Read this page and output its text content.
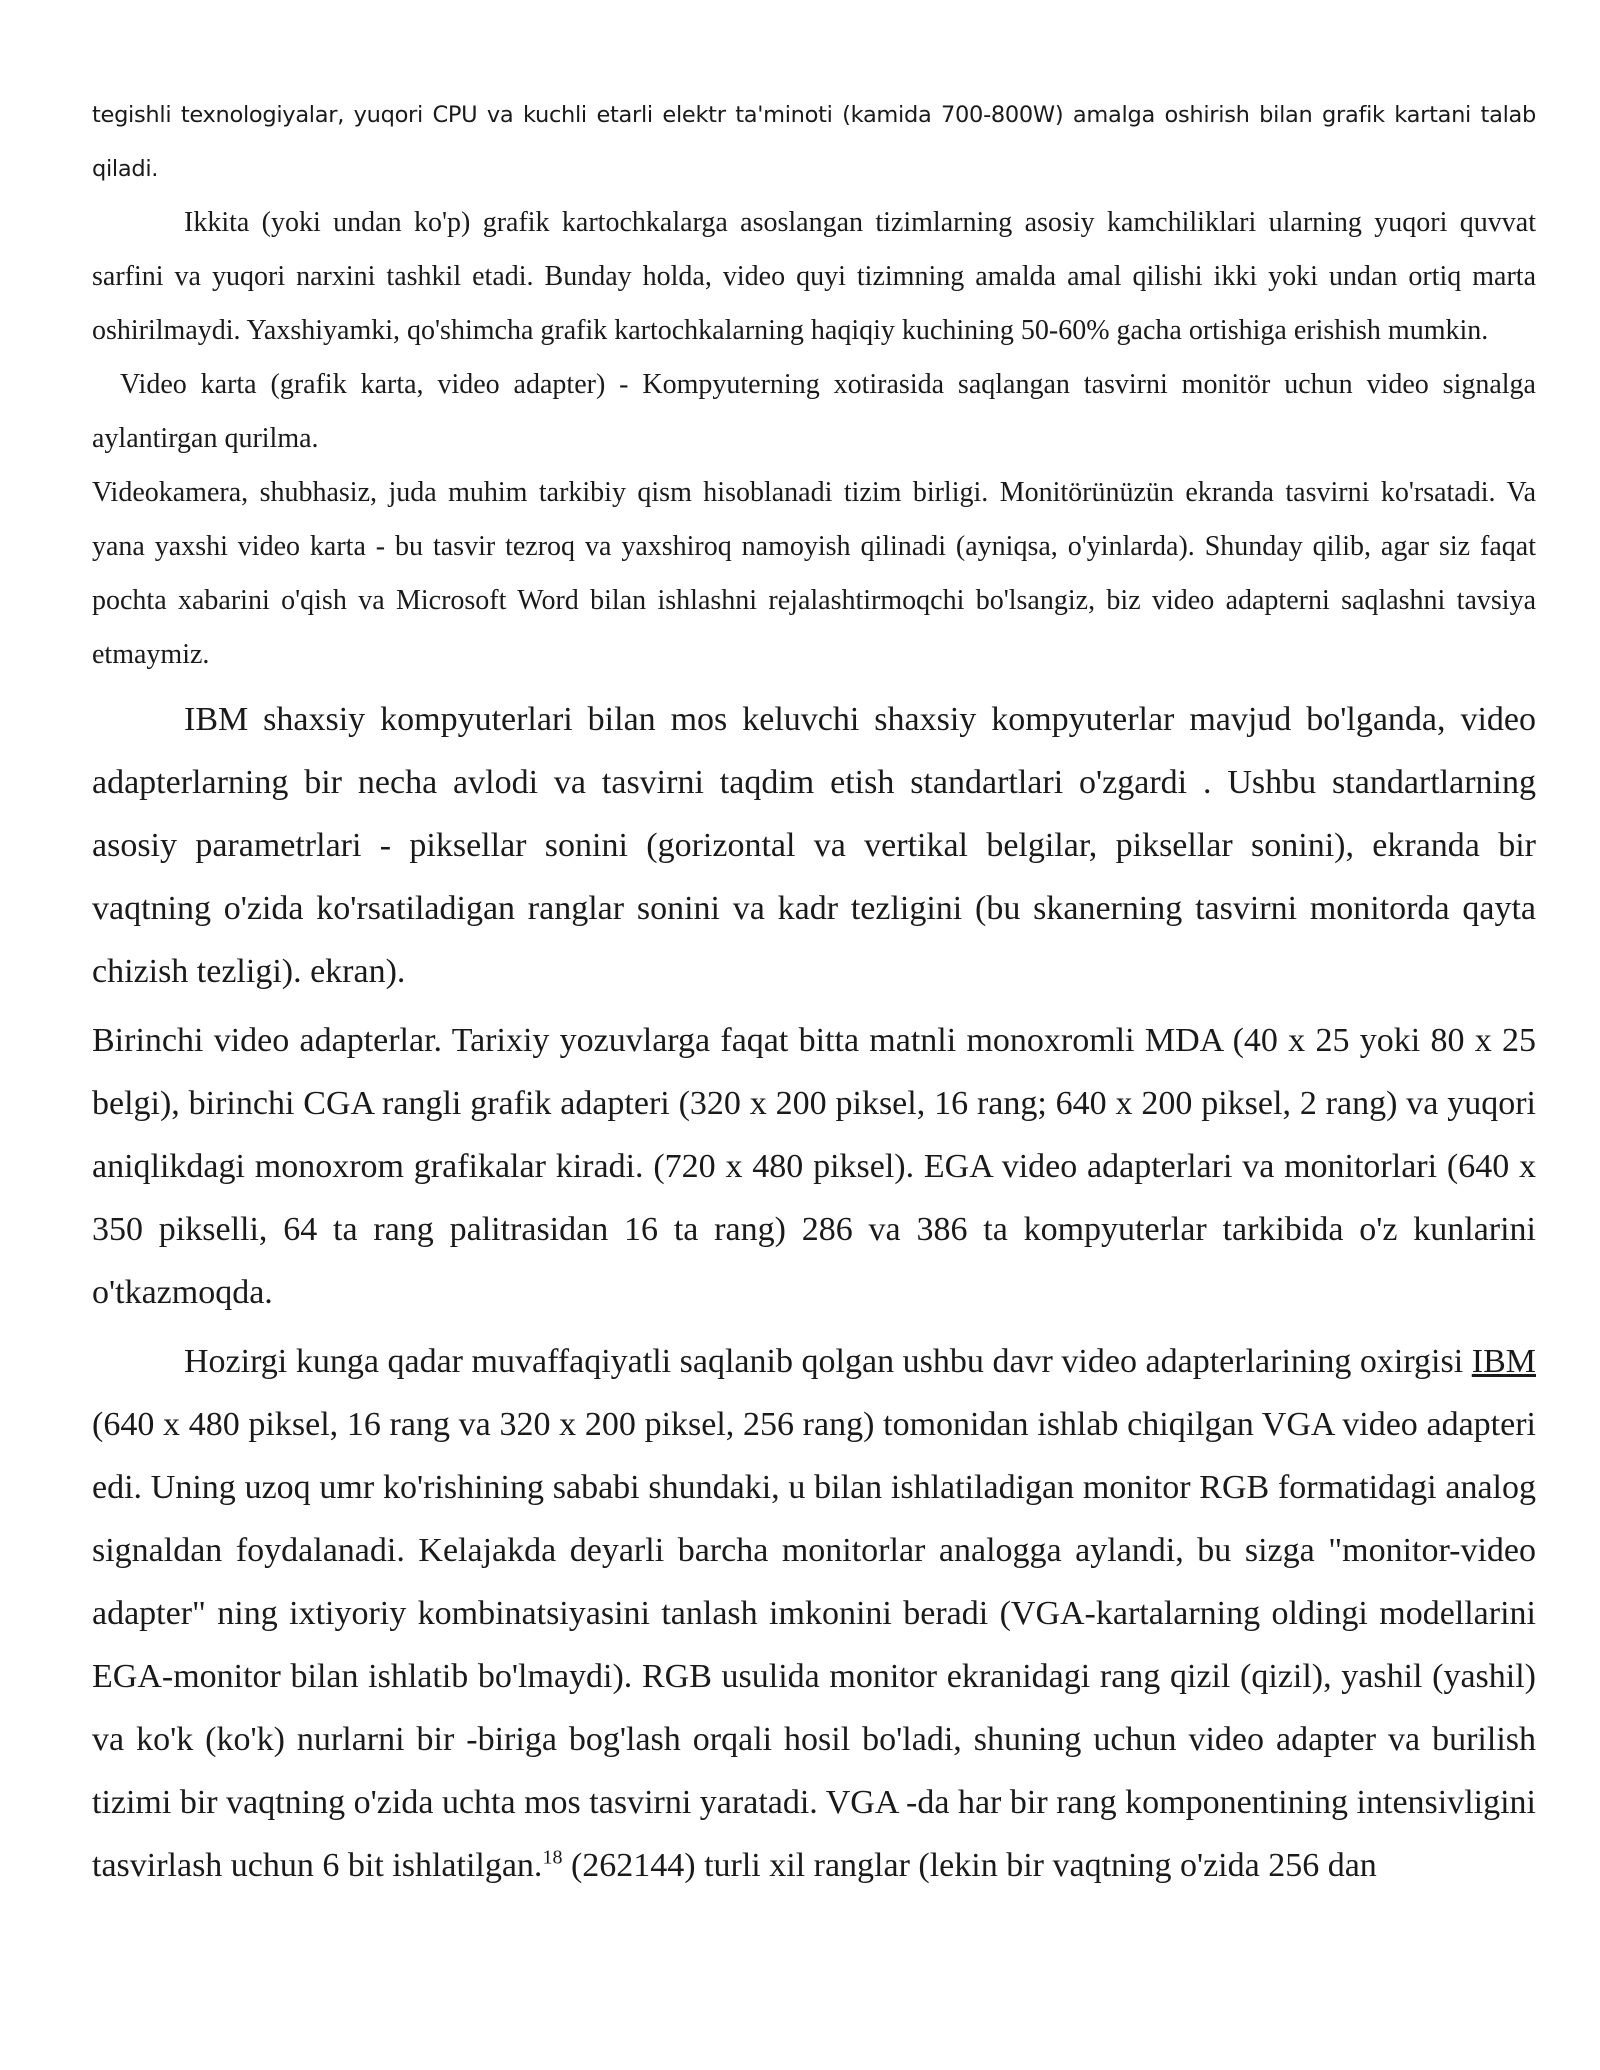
tegishli texnologiyalar, yuqori CPU va kuchli etarli elektr ta'minoti (kamida 700-800W) amalga oshirish bilan grafik kartani talab qiladi.

Ikkita (yoki undan ko'p) grafik kartochkalarga asoslangan tizimlarning asosiy kamchiliklari ularning yuqori quvvat sarfini va yuqori narxini tashkil etadi. Bunday holda, video quyi tizimning amalda amal qilishi ikki yoki undan ortiq marta oshirilmaydi. Yaxshiyamki, qo'shimcha grafik kartochkalarning haqiqiy kuchining 50-60% gacha ortishiga erishish mumkin.

Video karta (grafik karta, video adapter) - Kompyuterning xotirasida saqlangan tasvirni monitör uchun video signalga aylantirgan qurilma.

Videokamera, shubhasiz, juda muhim tarkibiy qism hisoblanadi tizim birligi. Monitörünüzün ekranda tasvirni ko'rsatadi. Va yana yaxshi video karta - bu tasvir tezroq va yaxshiroq namoyish qilinadi (ayniqsa, o'yinlarda). Shunday qilib, agar siz faqat pochta xabarini o'qish va Microsoft Word bilan ishlashni rejalashtirmoqchi bo'lsangiz, biz video adapterni saqlashni tavsiya etmaymiz.

IBM shaxsiy kompyuterlari bilan mos keluvchi shaxsiy kompyuterlar mavjud bo'lganda, video adapterlarning bir necha avlodi va tasvirni taqdim etish standartlari o'zgardi . Ushbu standartlarning asosiy parametrlari - piksellar sonini (gorizontal va vertikal belgilar, piksellar sonini), ekranda bir vaqtning o'zida ko'rsatiladigan ranglar sonini va kadr tezligini (bu skanerning tasvirni monitorda qayta chizish tezligi). ekran).

Birinchi video adapterlar. Tarixiy yozuvlarga faqat bitta matnli monoxromli MDA (40 x 25 yoki 80 x 25 belgi), birinchi CGA rangli grafik adapteri (320 x 200 piksel, 16 rang; 640 x 200 piksel, 2 rang) va yuqori aniqlikdagi monoxrom grafikalar kiradi. (720 x 480 piksel). EGA video adapterlari va monitorlari (640 x 350 pikselli, 64 ta rang palitrasidan 16 ta rang) 286 va 386 ta kompyuterlar tarkibida o'z kunlarini o'tkazmoqda.

Hozirgi kunga qadar muvaffaqiyatli saqlanib qolgan ushbu davr video adapterlarining oxirgisi IBM (640 x 480 piksel, 16 rang va 320 x 200 piksel, 256 rang) tomonidan ishlab chiqilgan VGA video adapteri edi. Uning uzoq umr ko'rishining sababi shundaki, u bilan ishlatiladigan monitor RGB formatidagi analog signaldan foydalanadi. Kelajakda deyarli barcha monitorlar analogga aylandi, bu sizga "monitor-video adapter" ning ixtiyoriy kombinatsiyasini tanlash imkonini beradi (VGA-kartalarning oldingi modellarini EGA-monitor bilan ishlatib bo'lmaydi). RGB usulida monitor ekranidagi rang qizil (qizil), yashil (yashil) va ko'k (ko'k) nurlarni bir -biriga bog'lash orqali hosil bo'ladi, shuning uchun video adapter va burilish tizimi bir vaqtning o'zida uchta mos tasvirni yaratadi. VGA -da har bir rang komponentining intensivligini tasvirlash uchun 6 bit ishlatilgan.$^{18}$ (262144) turli xil ranglar (lekin bir vaqtning o'zida 256 dan
